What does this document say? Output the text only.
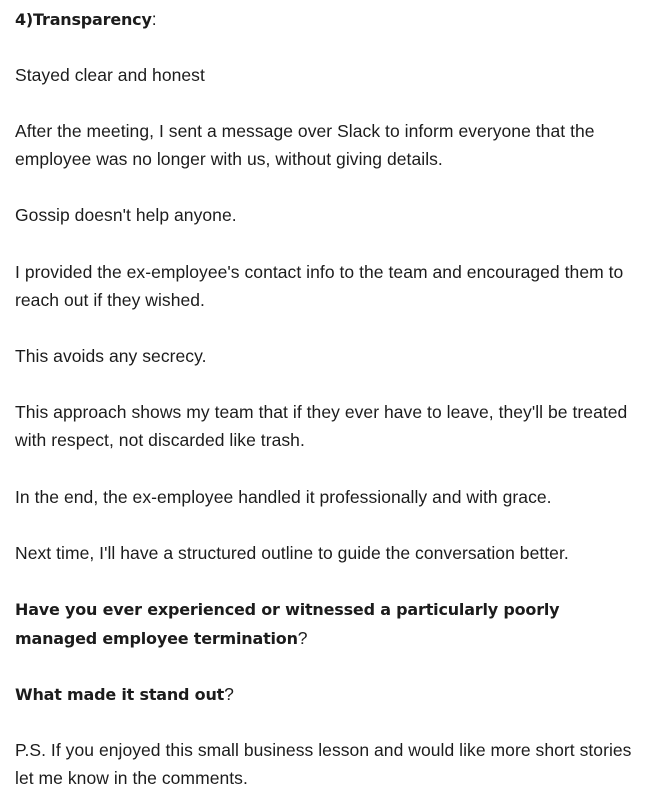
4)Transparency:

Stayed clear and honest

After the meeting, I sent a message over Slack to inform everyone that the employee was no longer with us, without giving details.

Gossip doesn't help anyone.

I provided the ex-employee's contact info to the team and encouraged them to reach out if they wished.

This avoids any secrecy.

This approach shows my team that if they ever have to leave, they'll be treated with respect, not discarded like trash.

In the end, the ex-employee handled it professionally and with grace.

Next time, I'll have a structured outline to guide the conversation better.

Have you ever experienced or witnessed a particularly poorly managed employee termination?
What made it stand out?

P.S. If you enjoyed this small business lesson and would like more short stories let me know in the comments.
